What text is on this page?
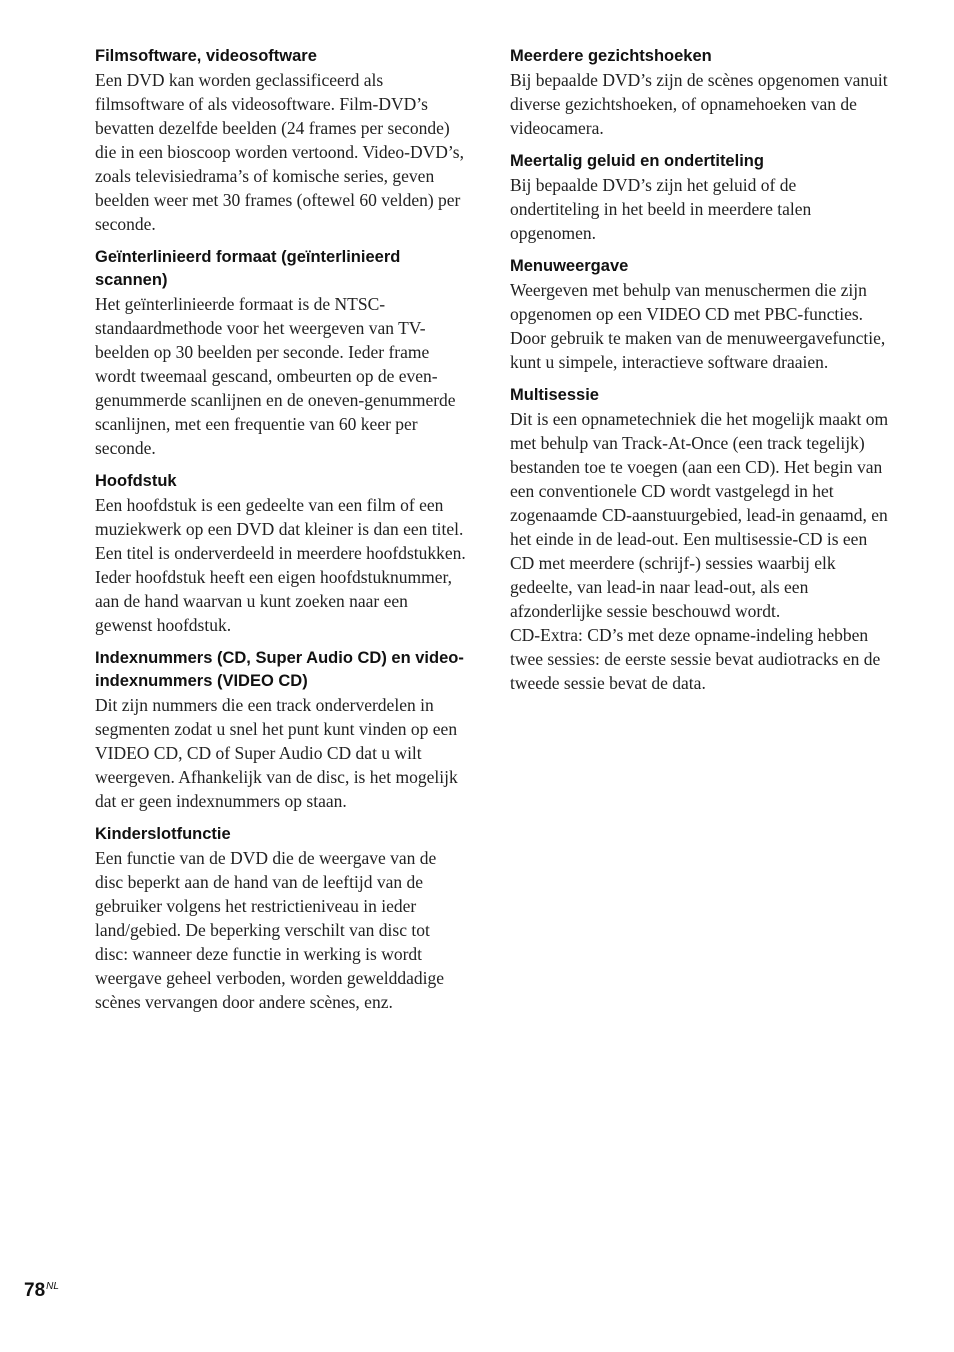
Filmsoftware, videosoftware

Een DVD kan worden geclassificeerd als filmsoftware of als videosoftware. Film-DVD’s bevatten dezelfde beelden (24 frames per seconde) die in een bioscoop worden vertoond. Video-DVD’s, zoals televisiedrama’s of komische series, geven beelden weer met 30 frames (oftewel 60 velden) per seconde.

Geïnterlinieerd formaat (geïnterlinieerd scannen)

Het geïnterlinieerde formaat is de NTSC-standaardmethode voor het weergeven van TV-beelden op 30 beelden per seconde. Ieder frame wordt tweemaal gescand, ombeurten op de even-genummerde scanlijnen en de oneven-genummerde scanlijnen, met een frequentie van 60 keer per seconde.

Hoofdstuk

Een hoofdstuk is een gedeelte van een film of een muziekwerk op een DVD dat kleiner is dan een titel. Een titel is onderverdeeld in meerdere hoofdstukken. Ieder hoofdstuk heeft een eigen hoofdstuknummer, aan de hand waarvan u kunt zoeken naar een gewenst hoofdstuk.

Indexnummers (CD, Super Audio CD) en video-indexnummers (VIDEO CD)

Dit zijn nummers die een track onderverdelen in segmenten zodat u snel het punt kunt vinden op een VIDEO CD, CD of Super Audio CD dat u wilt weergeven. Afhankelijk van de disc, is het mogelijk dat er geen indexnummers op staan.

Kinderslotfunctie

Een functie van de DVD die de weergave van de disc beperkt aan de hand van de leeftijd van de gebruiker volgens het restrictieniveau in ieder land/gebied. De beperking verschilt van disc tot disc: wanneer deze functie in werking is wordt weergave geheel verboden, worden gewelddadige scènes vervangen door andere scènes, enz.

Meerdere gezichtshoeken

Bij bepaalde DVD’s zijn de scènes opgenomen vanuit diverse gezichtshoeken, of opnamehoeken van de videocamera.

Meertalig geluid en ondertiteling

Bij bepaalde DVD’s zijn het geluid of de ondertiteling in het beeld in meerdere talen opgenomen.

Menuweergave

Weergeven met behulp van menuschermen die zijn opgenomen op een VIDEO CD met PBC-functies. Door gebruik te maken van de menuweergavefunctie, kunt u simpele, interactieve software draaien.

Multisessie

Dit is een opnametechniek die het mogelijk maakt om met behulp van Track-At-Once (een track tegelijk) bestanden toe te voegen (aan een CD). Het begin van een conventionele CD wordt vastgelegd in het zogenaamde CD-aanstuurgebied, lead-in genaamd, en het einde in de lead-out. Een multisessie-CD is een CD met meerdere (schrijf-) sessies waarbij elk gedeelte, van lead-in naar lead-out, als een afzonderlijke sessie beschouwd wordt.

CD-Extra: CD’s met deze opname-indeling hebben twee sessies: de eerste sessie bevat audiotracks en de tweede sessie bevat de data.

$78^{NL}$
